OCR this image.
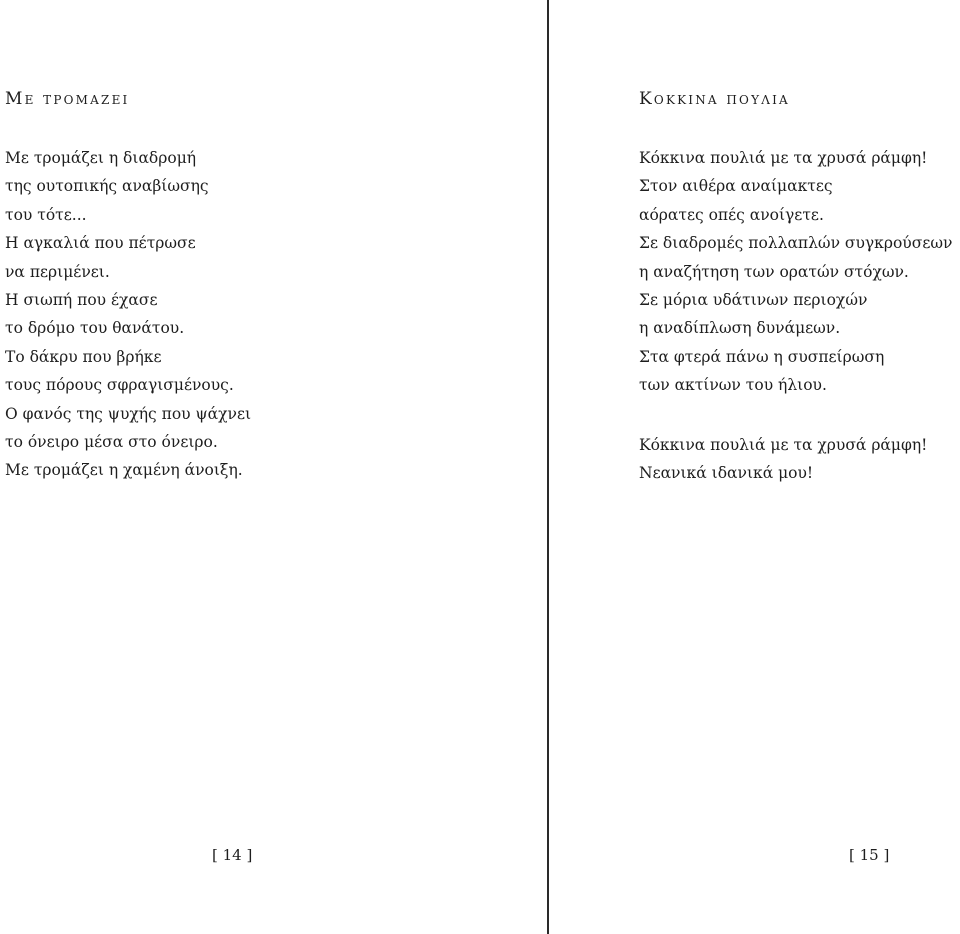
Με τρομαζει
Με τρομάζει η διαδρομή
της ουτοπικής αναβίωσης
του τότε...
Η αγκαλιά που πέτρωσε
να περιμένει.
Η σιωπή που έχασε
το δρόμο του θανάτου.
Το δάκρυ που βρήκε
τους πόρους σφραγισμένους.
Ο φανός της ψυχής που ψάχνει
το όνειρο μέσα στο όνειρο.
Με τρομάζει η χαμένη άνοιξη.
[ 14 ]
Κοκκινα πουλια
Κόκκινα πουλιά με τα χρυσά ράμφη!
Στον αιθέρα αναίμακτες
αόρατες οπές ανοίγετε.
Σε διαδρομές πολλαπλών συγκρούσεων
η αναζήτηση των ορατών στόχων.
Σε μόρια υδάτινων περιοχών
η αναδίπλωση δυνάμεων.
Στα φτερά πάνω η συσπείρωση
των ακτίνων του ήλιου.
Κόκκινα πουλιά με τα χρυσά ράμφη!
Νεανικά ιδανικά μου!
[ 15 ]
